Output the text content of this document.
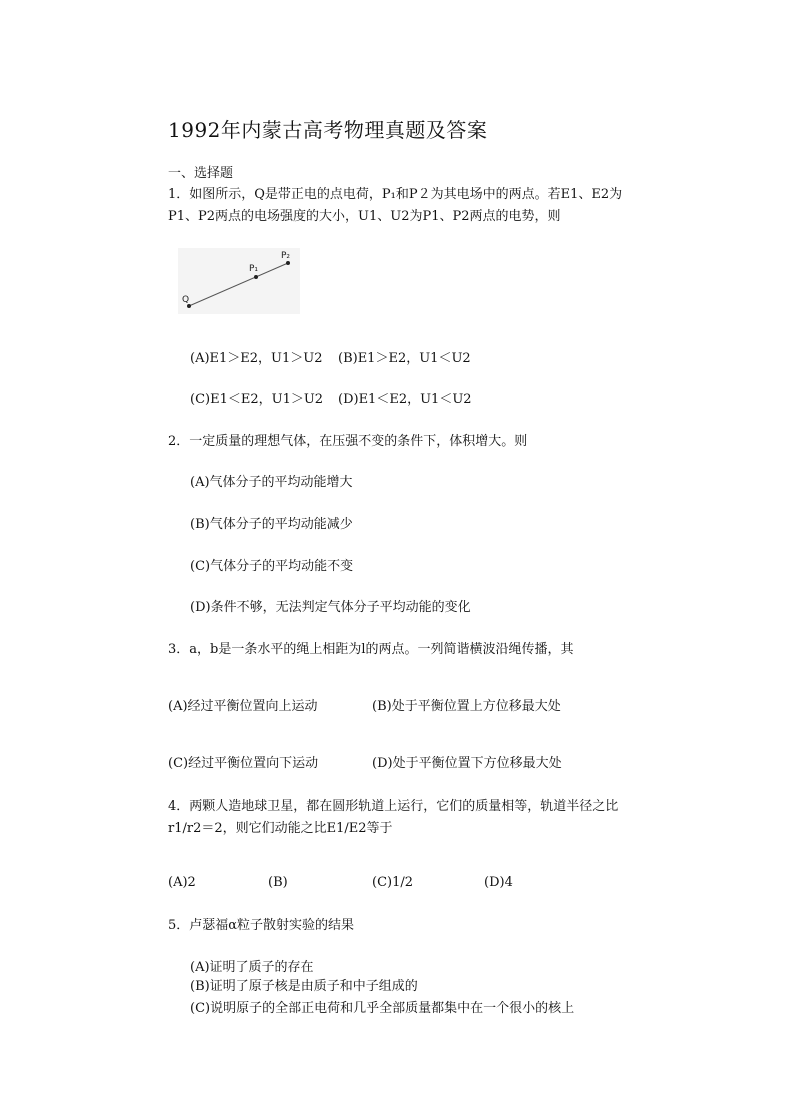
1992年内蒙古高考物理真题及答案
一、选择题
1．如图所示，Q是带正电的点电荷，P₁和P２为其电场中的两点。若E1、E2为
P1、P2两点的电场强度的大小，U1、U2为P1、P2两点的电势，则
Q
P₁
P₂
(A)E1＞E2，U1＞U2 (B)E1＞E2，U1＜U2
(C)E1＜E2，U1＞U2 (D)E1＜E2，U1＜U2
2．一定质量的理想气体，在压强不变的条件下，体积增大。则
(A)气体分子的平均动能增大
(B)气体分子的平均动能减少
(C)气体分子的平均动能不变
(D)条件不够，无法判定气体分子平均动能的变化
3．a，b是一条水平的绳上相距为l的两点。一列简谐横波沿绳传播，其
(A)经过平衡位置向上运动	(B)处于平衡位置上方位移最大处
(C)经过平衡位置向下运动	(D)处于平衡位置下方位移最大处
4．两颗人造地球卫星，都在圆形轨道上运行，它们的质量相等，轨道半径之比
r1/r2＝2，则它们动能之比E1/E2等于
(A)2	(B)	(C)1/2	(D)4
5．卢瑟福α粒子散射实验的结果
(A)证明了质子的存在
(B)证明了原子核是由质子和中子组成的
(C)说明原子的全部正电荷和几乎全部质量都集中在一个很小的核上
